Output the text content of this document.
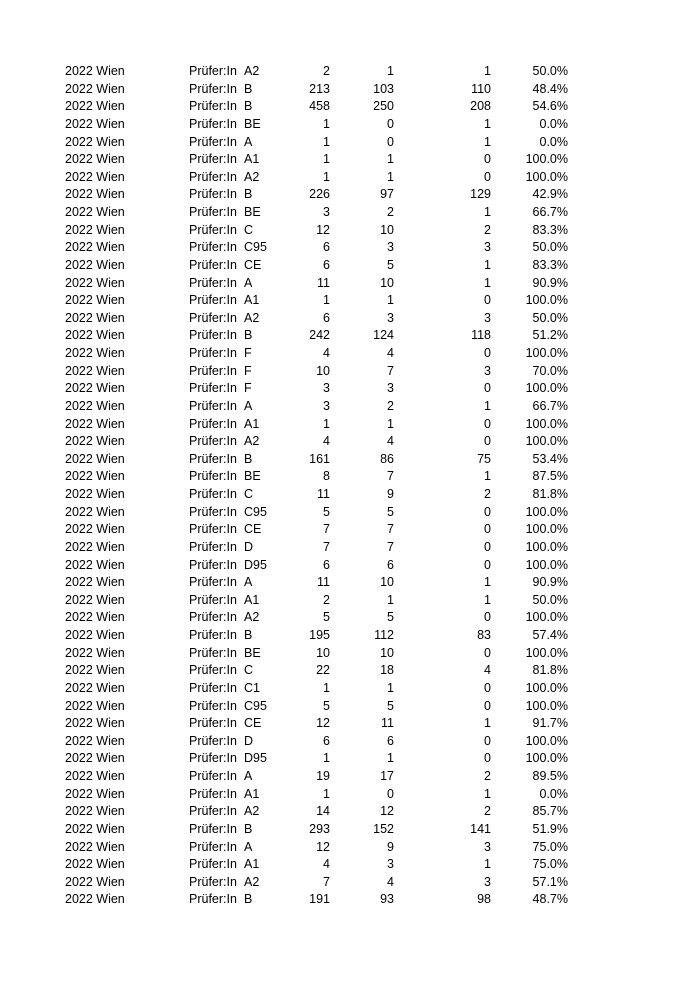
2022 Wien	Prüfer:In A2	2	1	1	50.0%
2022 Wien	Prüfer:In B	213	103	110	48.4%
2022 Wien	Prüfer:In B	458	250	208	54.6%
2022 Wien	Prüfer:In BE	1	0	1	0.0%
2022 Wien	Prüfer:In A	1	0	1	0.0%
2022 Wien	Prüfer:In A1	1	1	0	100.0%
2022 Wien	Prüfer:In A2	1	1	0	100.0%
2022 Wien	Prüfer:In B	226	97	129	42.9%
2022 Wien	Prüfer:In BE	3	2	1	66.7%
2022 Wien	Prüfer:In C	12	10	2	83.3%
2022 Wien	Prüfer:In C95	6	3	3	50.0%
2022 Wien	Prüfer:In CE	6	5	1	83.3%
2022 Wien	Prüfer:In A	11	10	1	90.9%
2022 Wien	Prüfer:In A1	1	1	0	100.0%
2022 Wien	Prüfer:In A2	6	3	3	50.0%
2022 Wien	Prüfer:In B	242	124	118	51.2%
2022 Wien	Prüfer:In F	4	4	0	100.0%
2022 Wien	Prüfer:In F	10	7	3	70.0%
2022 Wien	Prüfer:In F	3	3	0	100.0%
2022 Wien	Prüfer:In A	3	2	1	66.7%
2022 Wien	Prüfer:In A1	1	1	0	100.0%
2022 Wien	Prüfer:In A2	4	4	0	100.0%
2022 Wien	Prüfer:In B	161	86	75	53.4%
2022 Wien	Prüfer:In BE	8	7	1	87.5%
2022 Wien	Prüfer:In C	11	9	2	81.8%
2022 Wien	Prüfer:In C95	5	5	0	100.0%
2022 Wien	Prüfer:In CE	7	7	0	100.0%
2022 Wien	Prüfer:In D	7	7	0	100.0%
2022 Wien	Prüfer:In D95	6	6	0	100.0%
2022 Wien	Prüfer:In A	11	10	1	90.9%
2022 Wien	Prüfer:In A1	2	1	1	50.0%
2022 Wien	Prüfer:In A2	5	5	0	100.0%
2022 Wien	Prüfer:In B	195	112	83	57.4%
2022 Wien	Prüfer:In BE	10	10	0	100.0%
2022 Wien	Prüfer:In C	22	18	4	81.8%
2022 Wien	Prüfer:In C1	1	1	0	100.0%
2022 Wien	Prüfer:In C95	5	5	0	100.0%
2022 Wien	Prüfer:In CE	12	11	1	91.7%
2022 Wien	Prüfer:In D	6	6	0	100.0%
2022 Wien	Prüfer:In D95	1	1	0	100.0%
2022 Wien	Prüfer:In A	19	17	2	89.5%
2022 Wien	Prüfer:In A1	1	0	1	0.0%
2022 Wien	Prüfer:In A2	14	12	2	85.7%
2022 Wien	Prüfer:In B	293	152	141	51.9%
2022 Wien	Prüfer:In A	12	9	3	75.0%
2022 Wien	Prüfer:In A1	4	3	1	75.0%
2022 Wien	Prüfer:In A2	7	4	3	57.1%
2022 Wien	Prüfer:In B	191	93	98	48.7%
